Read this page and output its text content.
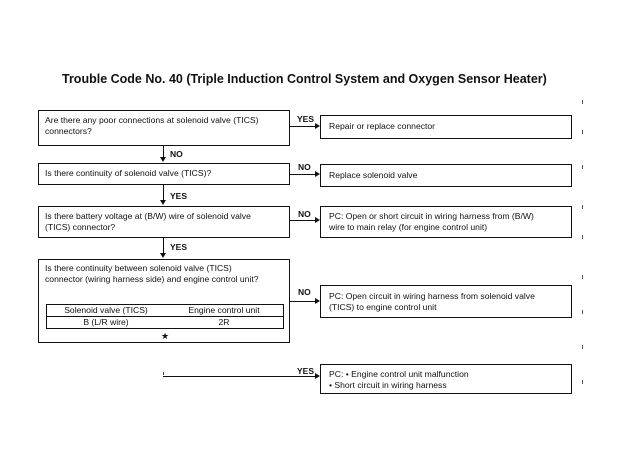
Trouble Code No. 40 (Triple Induction Control System and Oxygen Sensor Heater)
Are there any poor connections at solenoid valve (TICS)
connectors?
YES
Repair or replace connector
NO
Is there continuity of solenoid valve (TICS)?
NO
Replace solenoid valve
YES
Is there battery voltage at (B/W) wire of solenoid valve
(TICS) connector?
NO PC: Open or short circuit in wiring harness from (B/W)
wire to main relay (for engine control unit)
YES
Is there continuity between solenoid valve (TICS)
connector (wiring harness side) and engine control unit?
Solenoid valve (TICS)	Engine control unit
B (L/R wire)	2R
★
NO PC: Open circuit in wiring harness from solenoid valve
(TICS) to engine control unit
YES PC: • Engine control unit malfunction
• Short circuit in wiring harness
